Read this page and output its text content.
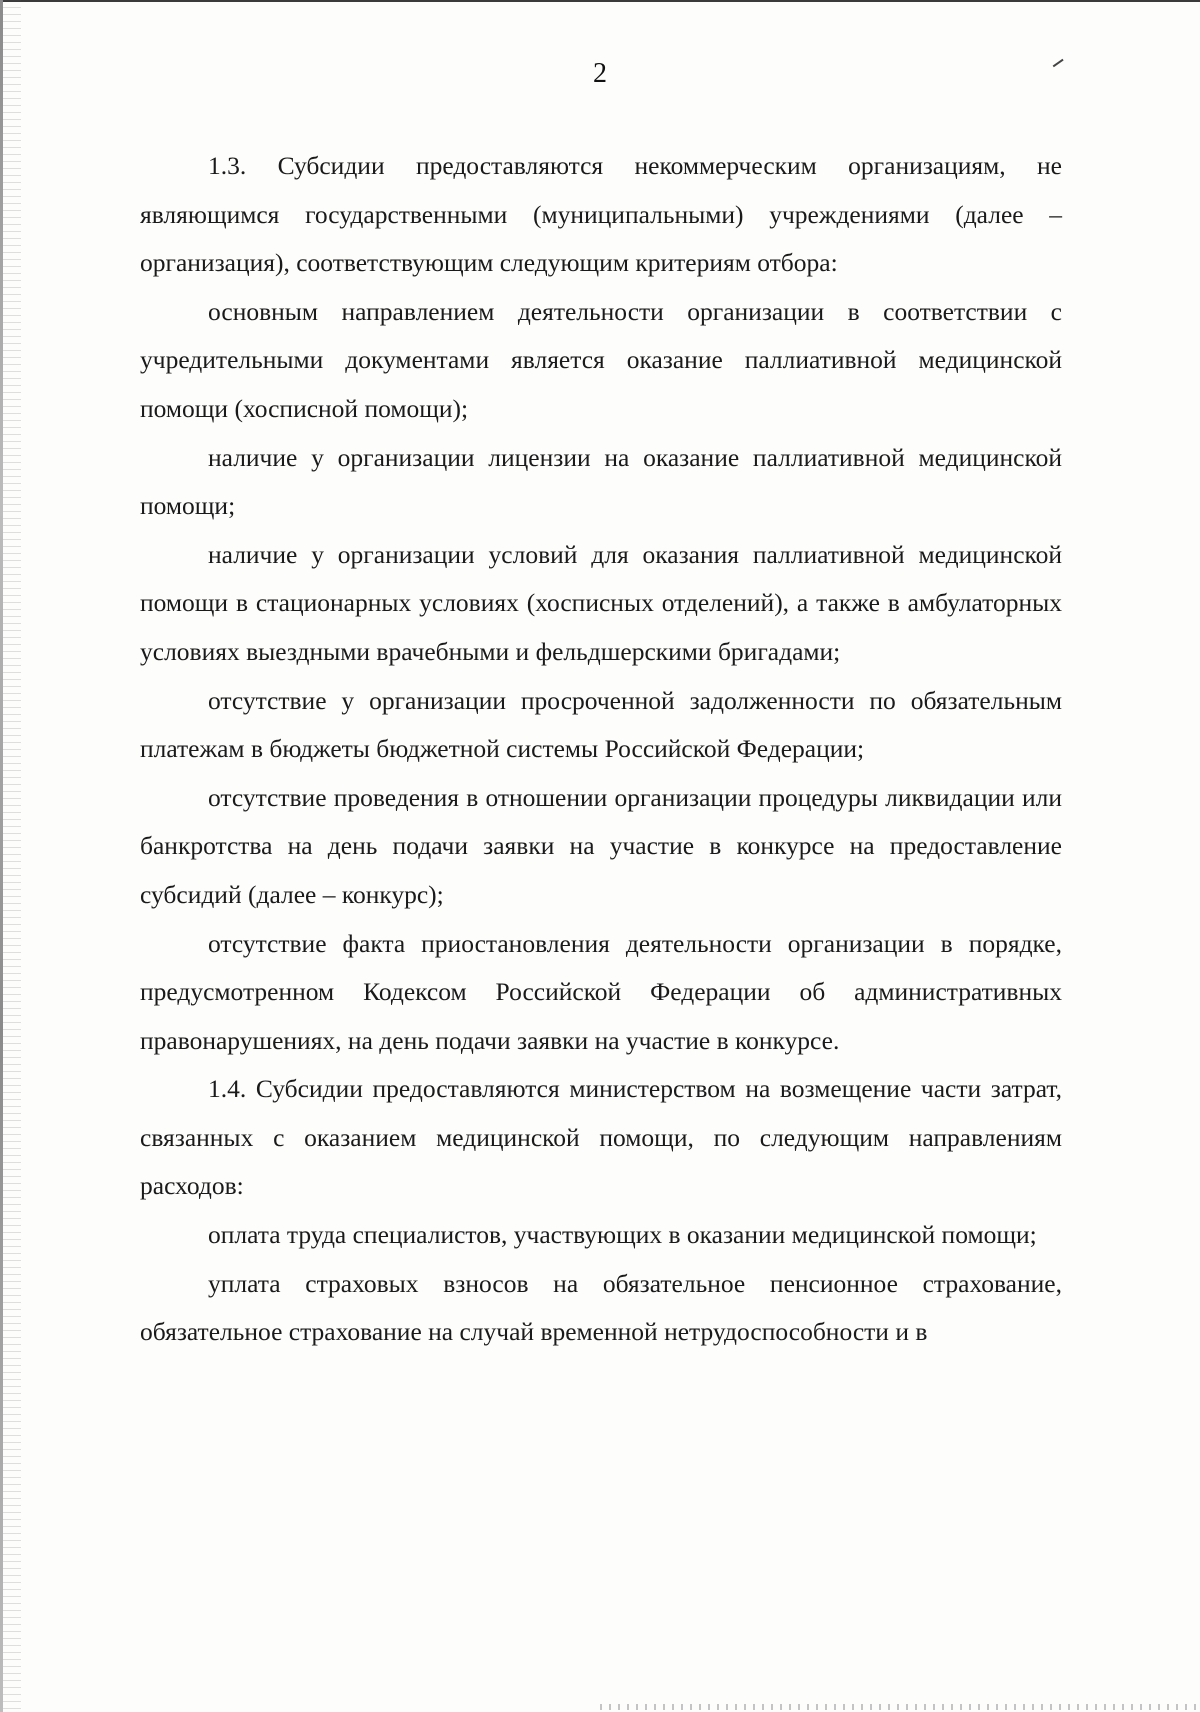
2

1.3. Субсидии предоставляются некоммерческим организациям, не являющимся государственными (муниципальными) учреждениями (далее – организация), соответствующим следующим критериям отбора:

основным направлением деятельности организации в соответствии с учредительными документами является оказание паллиативной медицинской помощи (хосписной помощи);

наличие у организации лицензии на оказание паллиативной медицинской помощи;

наличие у организации условий для оказания паллиативной медицинской помощи в стационарных условиях (хосписных отделений), а также в амбулаторных условиях выездными врачебными и фельдшерскими бригадами;

отсутствие у организации просроченной задолженности по обязательным платежам в бюджеты бюджетной системы Российской Федерации;

отсутствие проведения в отношении организации процедуры ликвидации или банкротства на день подачи заявки на участие в конкурсе на предоставление субсидий (далее – конкурс);

отсутствие факта приостановления деятельности организации в порядке, предусмотренном Кодексом Российской Федерации об административных правонарушениях, на день подачи заявки на участие в конкурсе.

1.4. Субсидии предоставляются министерством на возмещение части затрат, связанных с оказанием медицинской помощи, по следующим направлениям расходов:

оплата труда специалистов, участвующих в оказании медицинской помощи;

уплата страховых взносов на обязательное пенсионное страхование, обязательное страхование на случай временной нетрудоспособности и в
